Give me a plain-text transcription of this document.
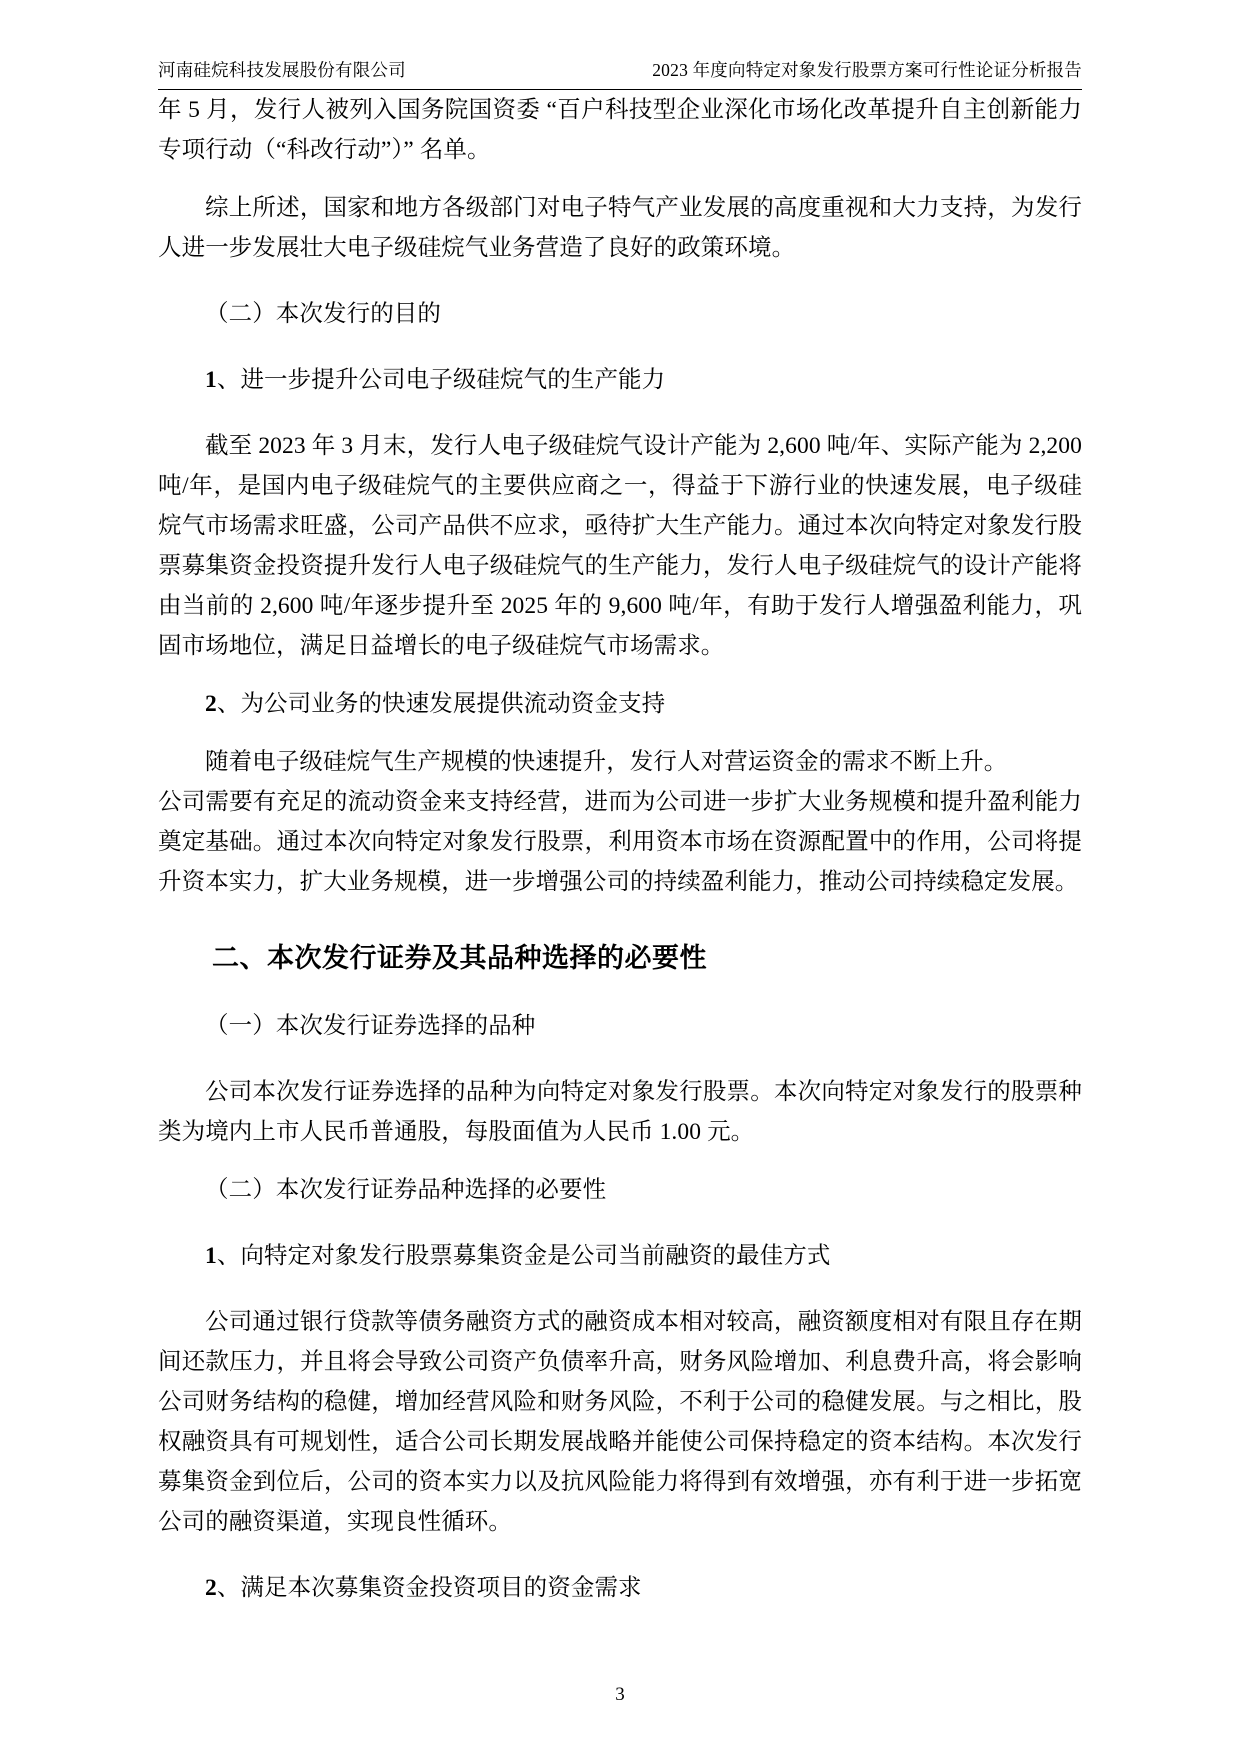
河南硅烷科技发展股份有限公司	2023 年度向特定对象发行股票方案可行性论证分析报告

年 5 月，发行人被列入国务院国资委 “百户科技型企业深化市场化改革提升自主创新能力专项行动（“科改行动”）” 名单。

综上所述，国家和地方各级部门对电子特气产业发展的高度重视和大力支持，为发行人进一步发展壮大电子级硅烷气业务营造了良好的政策环境。

（二）本次发行的目的

1、进一步提升公司电子级硅烷气的生产能力

截至 2023 年 3 月末，发行人电子级硅烷气设计产能为 2,600 吨/年、实际产能为 2,200 吨/年，是国内电子级硅烷气的主要供应商之一，得益于下游行业的快速发展，电子级硅烷气市场需求旺盛，公司产品供不应求，亟待扩大生产能力。通过本次向特定对象发行股票募集资金投资提升发行人电子级硅烷气的生产能力，发行人电子级硅烷气的设计产能将由当前的 2,600 吨/年逐步提升至 2025 年的 9,600 吨/年，有助于发行人增强盈利能力，巩固市场地位，满足日益增长的电子级硅烷气市场需求。

2、为公司业务的快速发展提供流动资金支持

随着电子级硅烷气生产规模的快速提升，发行人对营运资金的需求不断上升。

公司需要有充足的流动资金来支持经营，进而为公司进一步扩大业务规模和提升盈利能力奠定基础。通过本次向特定对象发行股票，利用资本市场在资源配置中的作用，公司将提升资本实力，扩大业务规模，进一步增强公司的持续盈利能力，推动公司持续稳定发展。

二、本次发行证券及其品种选择的必要性

（一）本次发行证券选择的品种

公司本次发行证券选择的品种为向特定对象发行股票。本次向特定对象发行的股票种类为境内上市人民币普通股，每股面值为人民币 1.00 元。

（二）本次发行证券品种选择的必要性

1、向特定对象发行股票募集资金是公司当前融资的最佳方式

公司通过银行贷款等债务融资方式的融资成本相对较高，融资额度相对有限且存在期间还款压力，并且将会导致公司资产负债率升高，财务风险增加、利息费升高，将会影响公司财务结构的稳健，增加经营风险和财务风险，不利于公司的稳健发展。与之相比，股权融资具有可规划性，适合公司长期发展战略并能使公司保持稳定的资本结构。本次发行募集资金到位后，公司的资本实力以及抗风险能力将得到有效增强，亦有利于进一步拓宽公司的融资渠道，实现良性循环。

2、满足本次募集资金投资项目的资金需求

3
